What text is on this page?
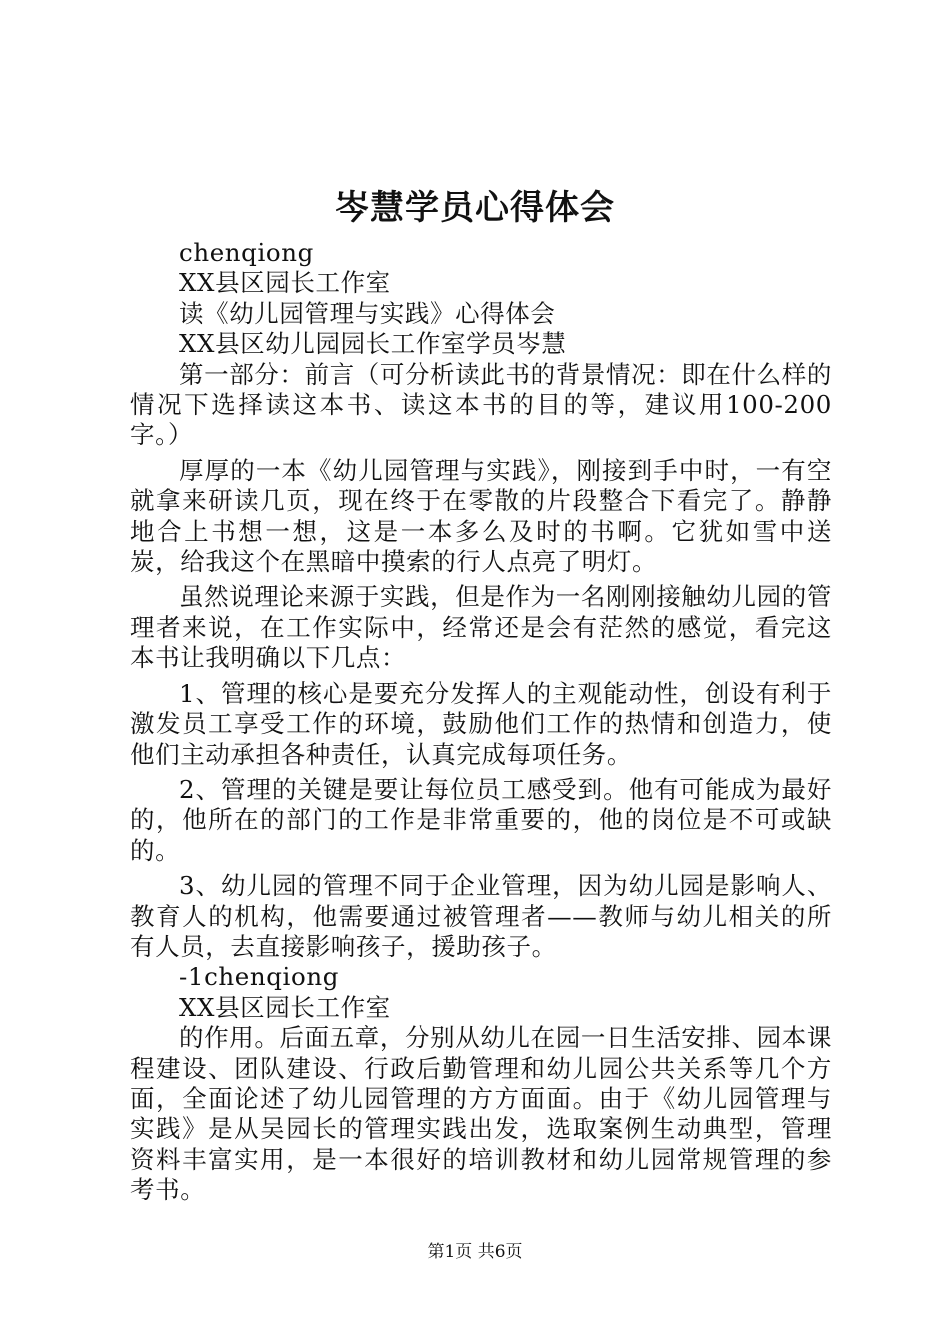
岑慧学员心得体会

chenqiong

XX县区园长工作室

读《幼儿园管理与实践》心得体会

XX县区幼儿园园长工作室学员岑慧

第一部分：前言（可分析读此书的背景情况：即在什么样的情况下选择读这本书、读这本书的目的等，建议用100-200字。）

厚厚的一本《幼儿园管理与实践》，刚接到手中时，一有空就拿来研读几页，现在终于在零散的片段整合下看完了。静静地合上书想一想，这是一本多么及时的书啊。它犹如雪中送炭，给我这个在黑暗中摸索的行人点亮了明灯。

虽然说理论来源于实践，但是作为一名刚刚接触幼儿园的管理者来说，在工作实际中，经常还是会有茫然的感觉，看完这本书让我明确以下几点：

1、管理的核心是要充分发挥人的主观能动性，创设有利于激发员工享受工作的环境，鼓励他们工作的热情和创造力，使他们主动承担各种责任，认真完成每项任务。

2、管理的关键是要让每位员工感受到。他有可能成为最好的，他所在的部门的工作是非常重要的，他的岗位是不可或缺的。

3、幼儿园的管理不同于企业管理，因为幼儿园是影响人、教育人的机构，他需要通过被管理者——教师与幼儿相关的所有人员，去直接影响孩子，援助孩子。

-1chenqiong

XX县区园长工作室

的作用。后面五章，分别从幼儿在园一日生活安排、园本课程建设、团队建设、行政后勤管理和幼儿园公共关系等几个方面，全面论述了幼儿园管理的方方面面。由于《幼儿园管理与实践》是从吴园长的管理实践出发，选取案例生动典型，管理资料丰富实用，是一本很好的培训教材和幼儿园常规管理的参考书。

第1页 共6页
